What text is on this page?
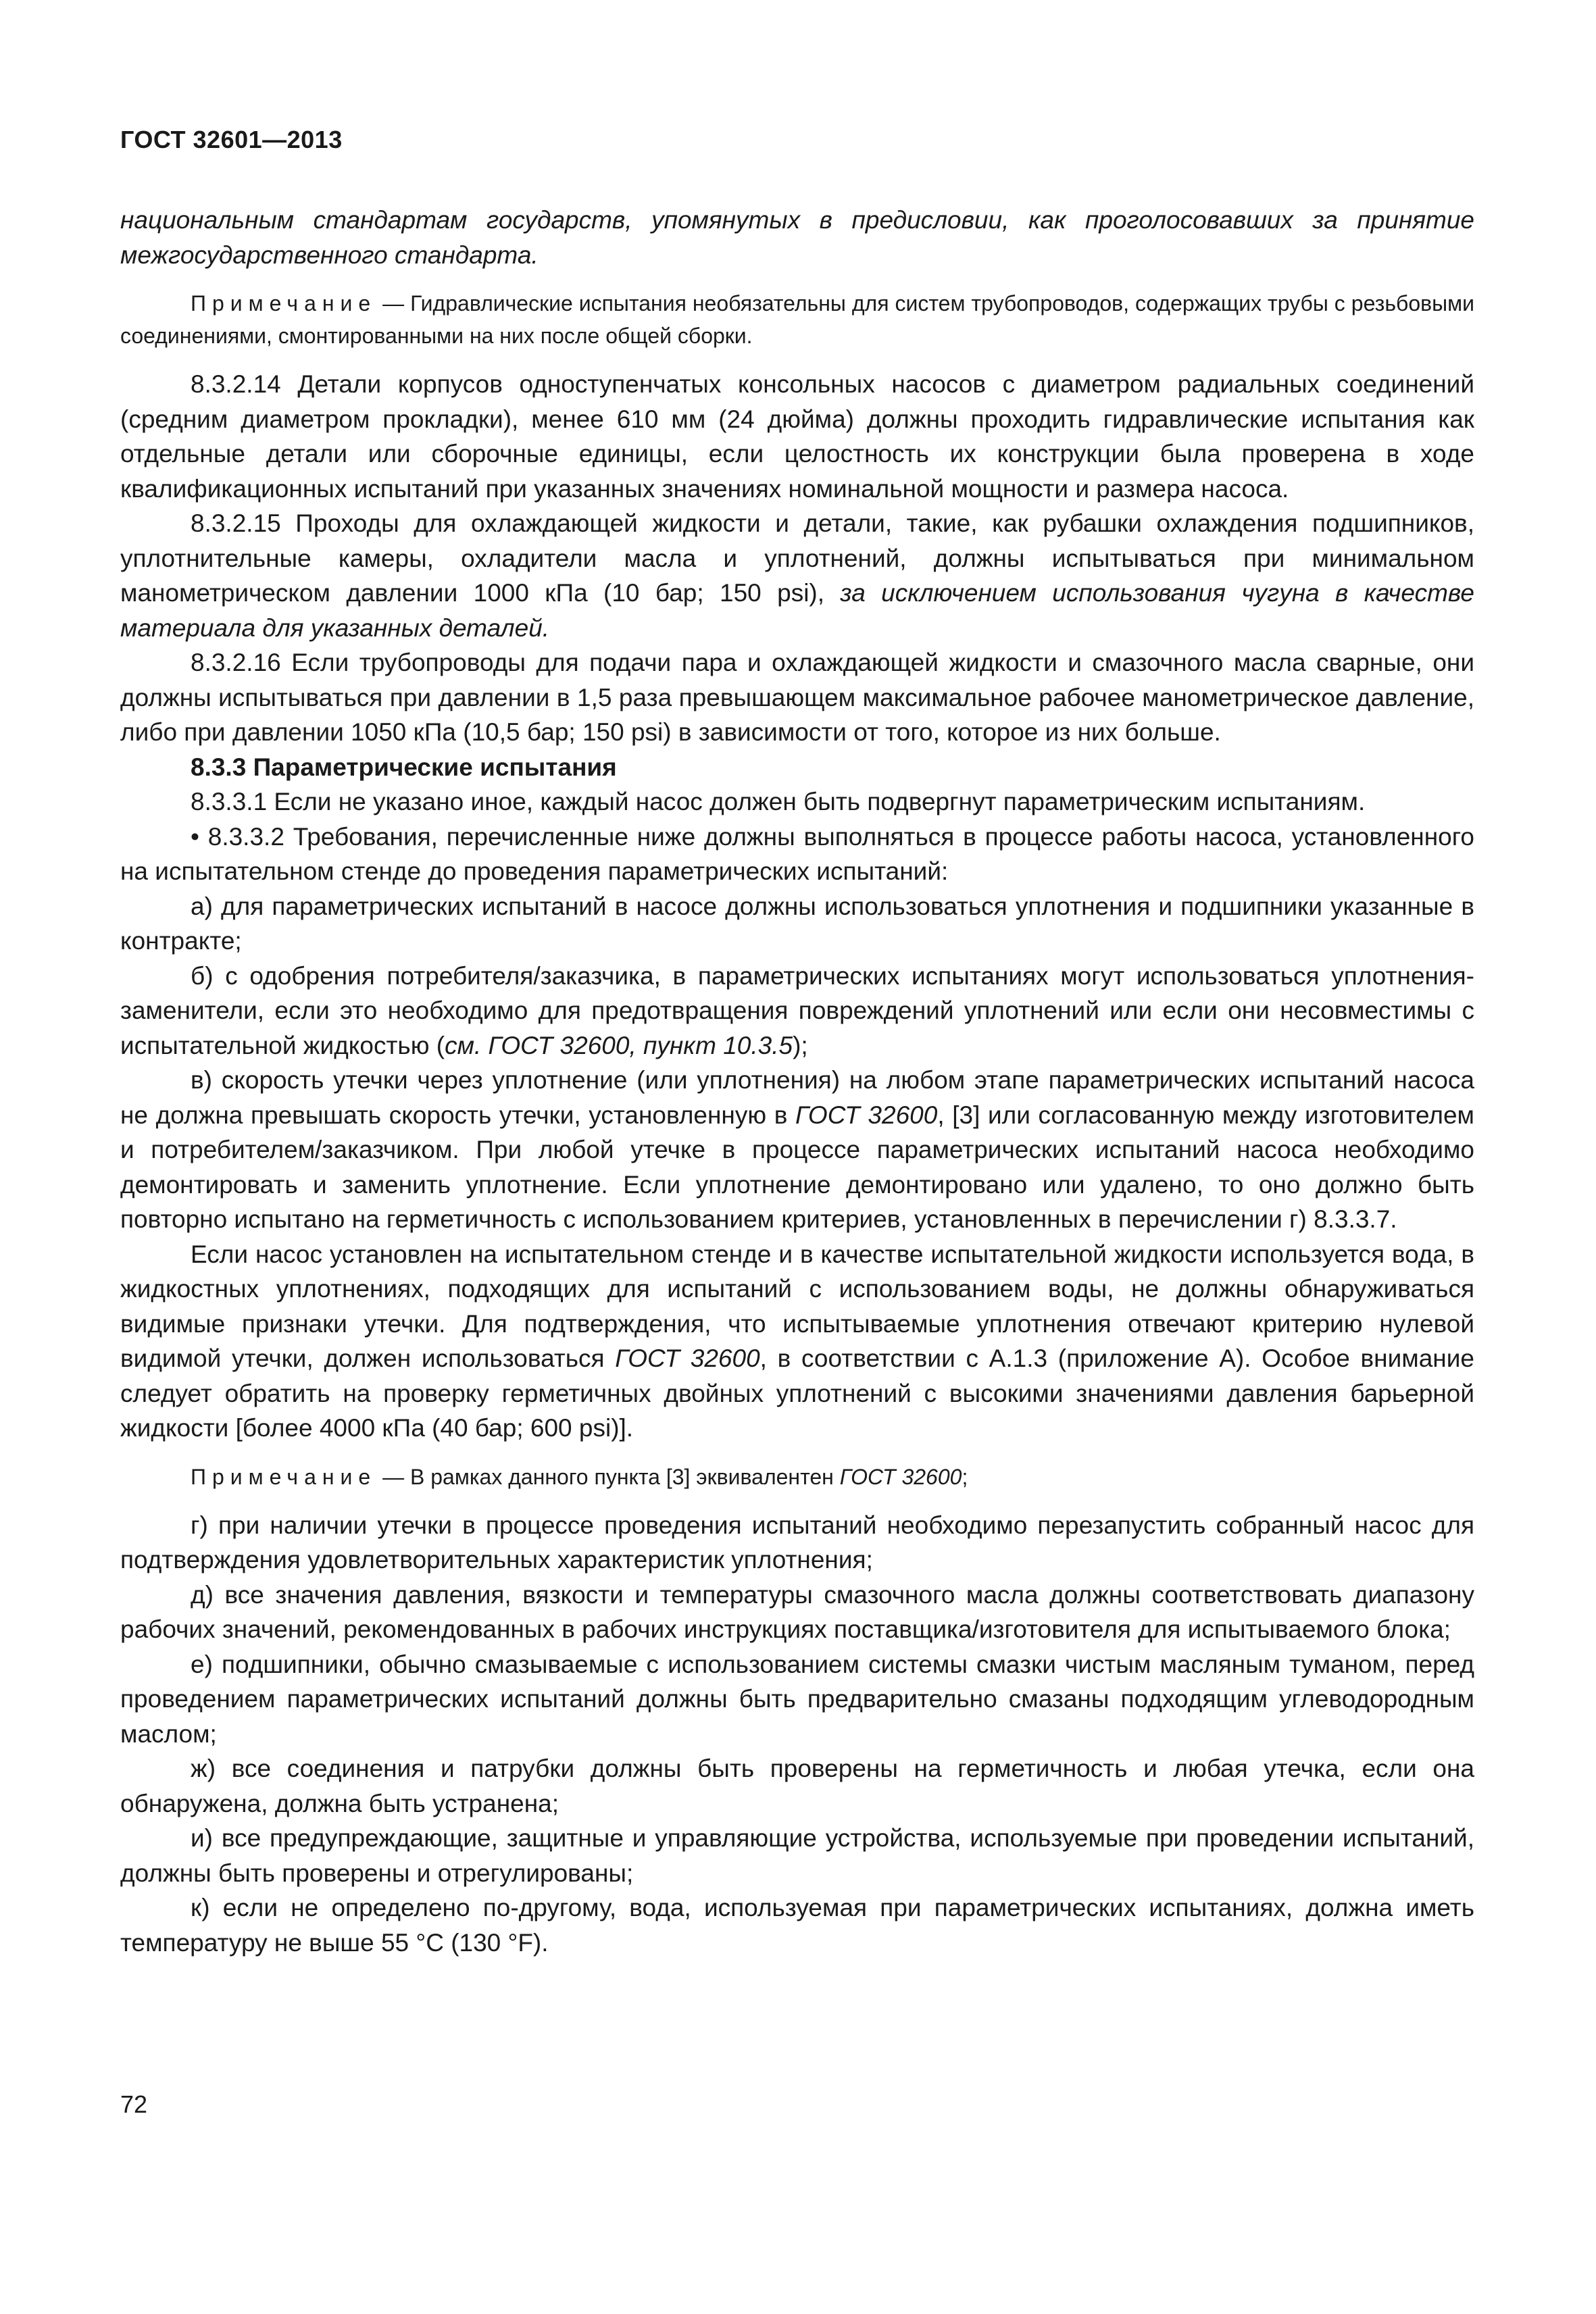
ГОСТ 32601—2013

национальным стандартам государств, упомянутых в предисловии, как проголосовавших за принятие межгосударственного стандарта.

Примечание — Гидравлические испытания необязательны для систем трубопроводов, содержащих трубы с резьбовыми соединениями, смонтированными на них после общей сборки.

8.3.2.14 Детали корпусов одноступенчатых консольных насосов с диаметром радиальных соединений (средним диаметром прокладки), менее 610 мм (24 дюйма) должны проходить гидравлические испытания как отдельные детали или сборочные единицы, если целостность их конструкции была проверена в ходе квалификационных испытаний при указанных значениях номинальной мощности и размера насоса.

8.3.2.15 Проходы для охлаждающей жидкости и детали, такие, как рубашки охлаждения подшипников, уплотнительные камеры, охладители масла и уплотнений, должны испытываться при минимальном манометрическом давлении 1000 кПа (10 бар; 150 psi), за исключением использования чугуна в качестве материала для указанных деталей.

8.3.2.16 Если трубопроводы для подачи пара и охлаждающей жидкости и смазочного масла сварные, они должны испытываться при давлении в 1,5 раза превышающем максимальное рабочее манометрическое давление, либо при давлении 1050 кПа (10,5 бар; 150 psi) в зависимости от того, которое из них больше.

8.3.3 Параметрические испытания

8.3.3.1 Если не указано иное, каждый насос должен быть подвергнут параметрическим испытаниям.

• 8.3.3.2 Требования, перечисленные ниже должны выполняться в процессе работы насоса, установленного на испытательном стенде до проведения параметрических испытаний:

а) для параметрических испытаний в насосе должны использоваться уплотнения и подшипники указанные в контракте;

б) с одобрения потребителя/заказчика, в параметрических испытаниях могут использоваться уплотнения-заменители, если это необходимо для предотвращения повреждений уплотнений или если они несовместимы с испытательной жидкостью (см. ГОСТ 32600, пункт 10.3.5);

в) скорость утечки через уплотнение (или уплотнения) на любом этапе параметрических испытаний насоса не должна превышать скорость утечки, установленную в ГОСТ 32600, [3] или согласованную между изготовителем и потребителем/заказчиком. При любой утечке в процессе параметрических испытаний насоса необходимо демонтировать и заменить уплотнение. Если уплотнение демонтировано или удалено, то оно должно быть повторно испытано на герметичность с использованием критериев, установленных в перечислении г) 8.3.3.7.

Если насос установлен на испытательном стенде и в качестве испытательной жидкости используется вода, в жидкостных уплотнениях, подходящих для испытаний с использованием воды, не должны обнаруживаться видимые признаки утечки. Для подтверждения, что испытываемые уплотнения отвечают критерию нулевой видимой утечки, должен использоваться ГОСТ 32600, в соответствии с А.1.3 (приложение А). Особое внимание следует обратить на проверку герметичных двойных уплотнений с высокими значениями давления барьерной жидкости [более 4000 кПа (40 бар; 600 psi)].

Примечание — В рамках данного пункта [3] эквивалентен ГОСТ 32600;

г) при наличии утечки в процессе проведения испытаний необходимо перезапустить собранный насос для подтверждения удовлетворительных характеристик уплотнения;

д) все значения давления, вязкости и температуры смазочного масла должны соответствовать диапазону рабочих значений, рекомендованных в рабочих инструкциях поставщика/изготовителя для испытываемого блока;

е) подшипники, обычно смазываемые с использованием системы смазки чистым масляным туманом, перед проведением параметрических испытаний должны быть предварительно смазаны подходящим углеводородным маслом;

ж) все соединения и патрубки должны быть проверены на герметичность и любая утечка, если она обнаружена, должна быть устранена;

и) все предупреждающие, защитные и управляющие устройства, используемые при проведении испытаний, должны быть проверены и отрегулированы;

к) если не определено по-другому, вода, используемая при параметрических испытаниях, должна иметь температуру не выше 55 °С (130 °F).

72
